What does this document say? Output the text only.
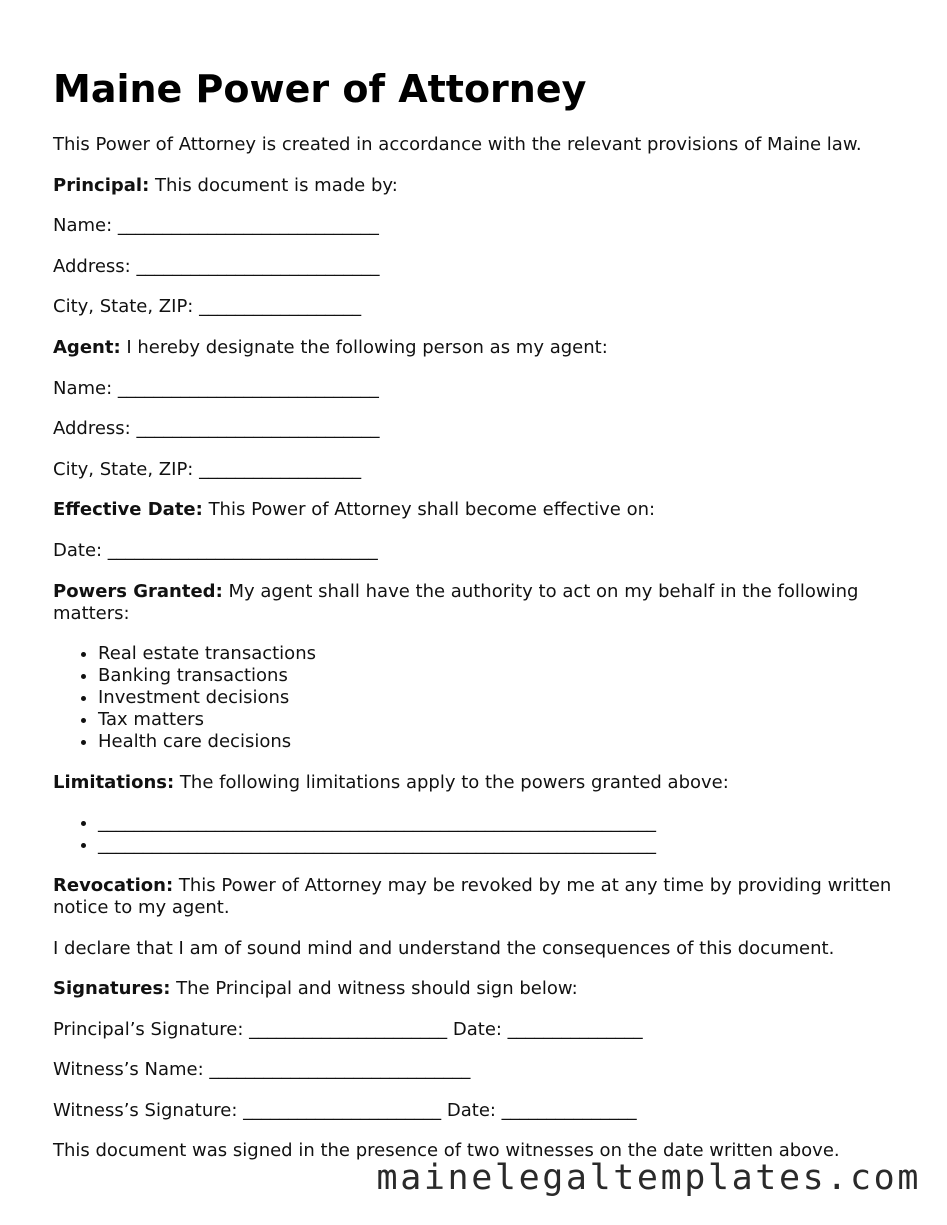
Maine Power of Attorney

This Power of Attorney is created in accordance with the relevant provisions of Maine law.

Principal: This document is made by:

Name: _____________________________

Address: ___________________________

City, State, ZIP: __________________

Agent: I hereby designate the following person as my agent:

Name: _____________________________

Address: ___________________________

City, State, ZIP: __________________

Effective Date: This Power of Attorney shall become effective on:

Date: ______________________________

Powers Granted: My agent shall have the authority to act on my behalf in the following matters:

• Real estate transactions
• Banking transactions
• Investment decisions
• Tax matters
• Health care decisions

Limitations: The following limitations apply to the powers granted above:

• ______________________________________________________________
• ______________________________________________________________

Revocation: This Power of Attorney may be revoked by me at any time by providing written notice to my agent.

I declare that I am of sound mind and understand the consequences of this document.

Signatures: The Principal and witness should sign below:

Principal’s Signature: ______________________ Date: _______________

Witness’s Name: _____________________________

Witness’s Signature: ______________________ Date: _______________

This document was signed in the presence of two witnesses on the date written above.

mainelegaltemplates.com
